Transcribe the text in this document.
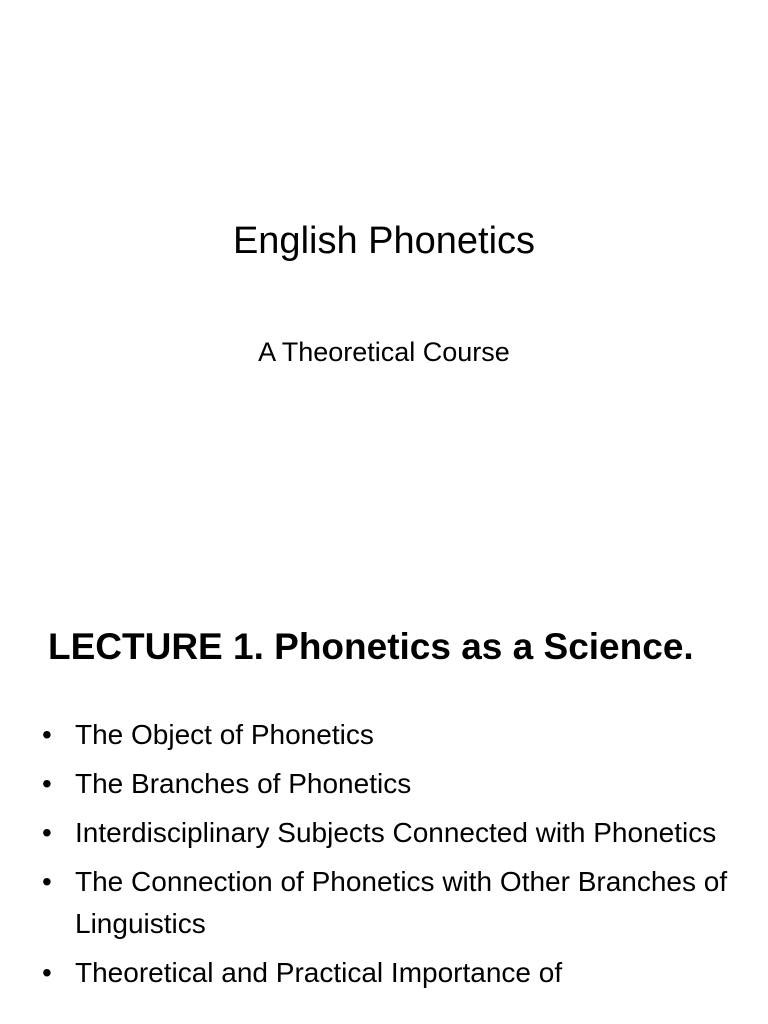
English Phonetics

A Theoretical Course

LECTURE 1. Phonetics as a Science.
• The Object of Phonetics
• The Branches of Phonetics
• Interdisciplinary Subjects Connected with Phonetics
• The Connection of Phonetics with Other Branches of Linguistics
• Theoretical and Practical Importance of
